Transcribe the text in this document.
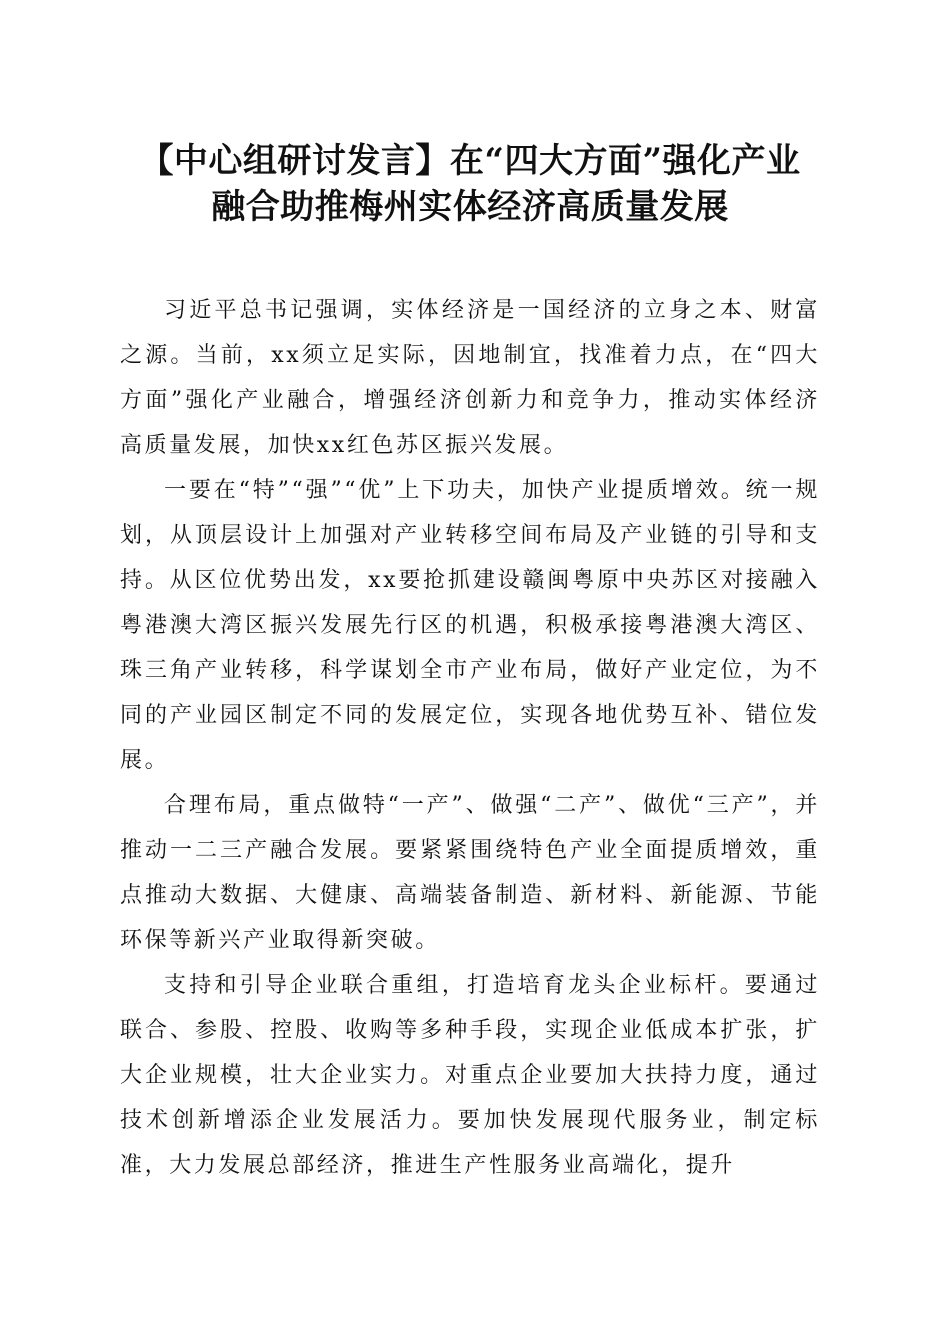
【中心组研讨发言】在“四大方面”强化产业
融合助推梅州实体经济高质量发展

习近平总书记强调，实体经济是一国经济的立身之本、财富之源。当前，xx须立足实际，因地制宜，找准着力点，在“四大方面”强化产业融合，增强经济创新力和竞争力，推动实体经济高质量发展，加快xx红色苏区振兴发展。

一要在“特”“强”“优”上下功夫，加快产业提质增效。统一规划，从顶层设计上加强对产业转移空间布局及产业链的引导和支持。从区位优势出发，xx要抢抓建设赣闽粤原中央苏区对接融入粤港澳大湾区振兴发展先行区的机遇，积极承接粤港澳大湾区、珠三角产业转移，科学谋划全市产业布局，做好产业定位，为不同的产业园区制定不同的发展定位，实现各地优势互补、错位发展。

合理布局，重点做特“一产”、做强“二产”、做优“三产”，并推动一二三产融合发展。要紧紧围绕特色产业全面提质增效，重点推动大数据、大健康、高端装备制造、新材料、新能源、节能环保等新兴产业取得新突破。

支持和引导企业联合重组，打造培育龙头企业标杆。要通过联合、参股、控股、收购等多种手段，实现企业低成本扩张，扩大企业规模，壮大企业实力。对重点企业要加大扶持力度，通过技术创新增添企业发展活力。要加快发展现代服务业，制定标准，大力发展总部经济，推进生产性服务业高端化，提升
